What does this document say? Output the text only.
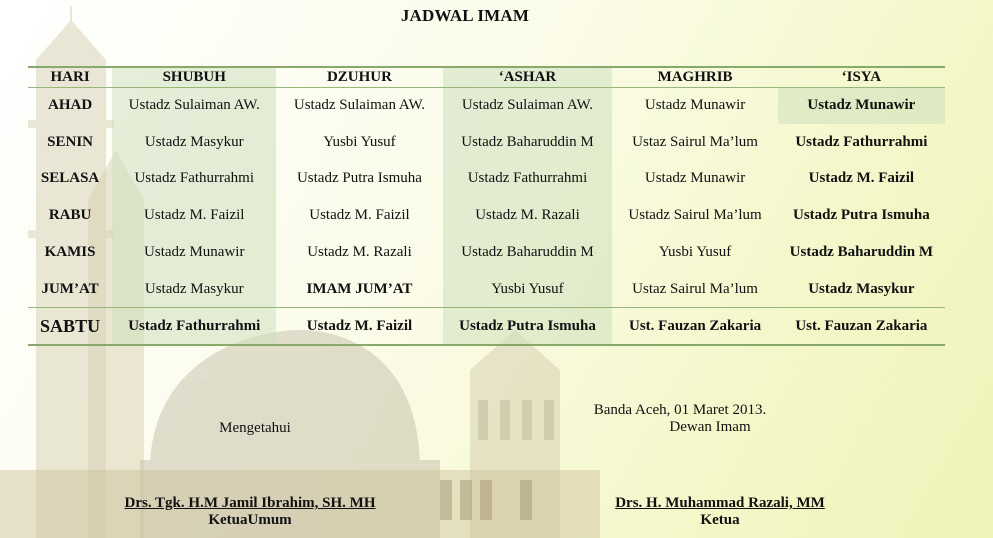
JADWAL IMAM
HARI	SHUBUH	DZUHUR	‘ASHAR	MAGHRIB	‘ISYA
AHAD	Ustadz Sulaiman AW.	Ustadz Sulaiman AW.	Ustadz Sulaiman AW.	Ustadz Munawir	Ustadz Munawir
SENIN	Ustadz Masykur	Yusbi Yusuf	Ustadz Baharuddin M	Ustaz Sairul Ma’lum	Ustadz Fathurrahmi
SELASA	Ustadz Fathurrahmi	Ustadz Putra Ismuha	Ustadz Fathurrahmi	Ustadz Munawir	Ustadz M. Faizil
RABU	Ustadz M. Faizil	Ustadz M. Faizil	Ustadz M. Razali	Ustadz Sairul Ma’lum	Ustadz Putra Ismuha
KAMIS	Ustadz Munawir	Ustadz M. Razali	Ustadz Baharuddin M	Yusbi Yusuf	Ustadz Baharuddin M
JUM’AT	Ustadz Masykur	IMAM JUM’AT	Yusbi Yusuf	Ustaz Sairul Ma’lum	Ustadz Masykur
SABTU	Ustadz Fathurrahmi	Ustadz M. Faizil	Ustadz Putra Ismuha	Ust. Fauzan Zakaria	Ust. Fauzan Zakaria
Mengetahui
Drs. Tgk. H.M Jamil Ibrahim, SH. MH
KetuaUmum
Banda Aceh, 01 Maret 2013.
Dewan Imam
Drs. H. Muhammad Razali, MM
Ketua
